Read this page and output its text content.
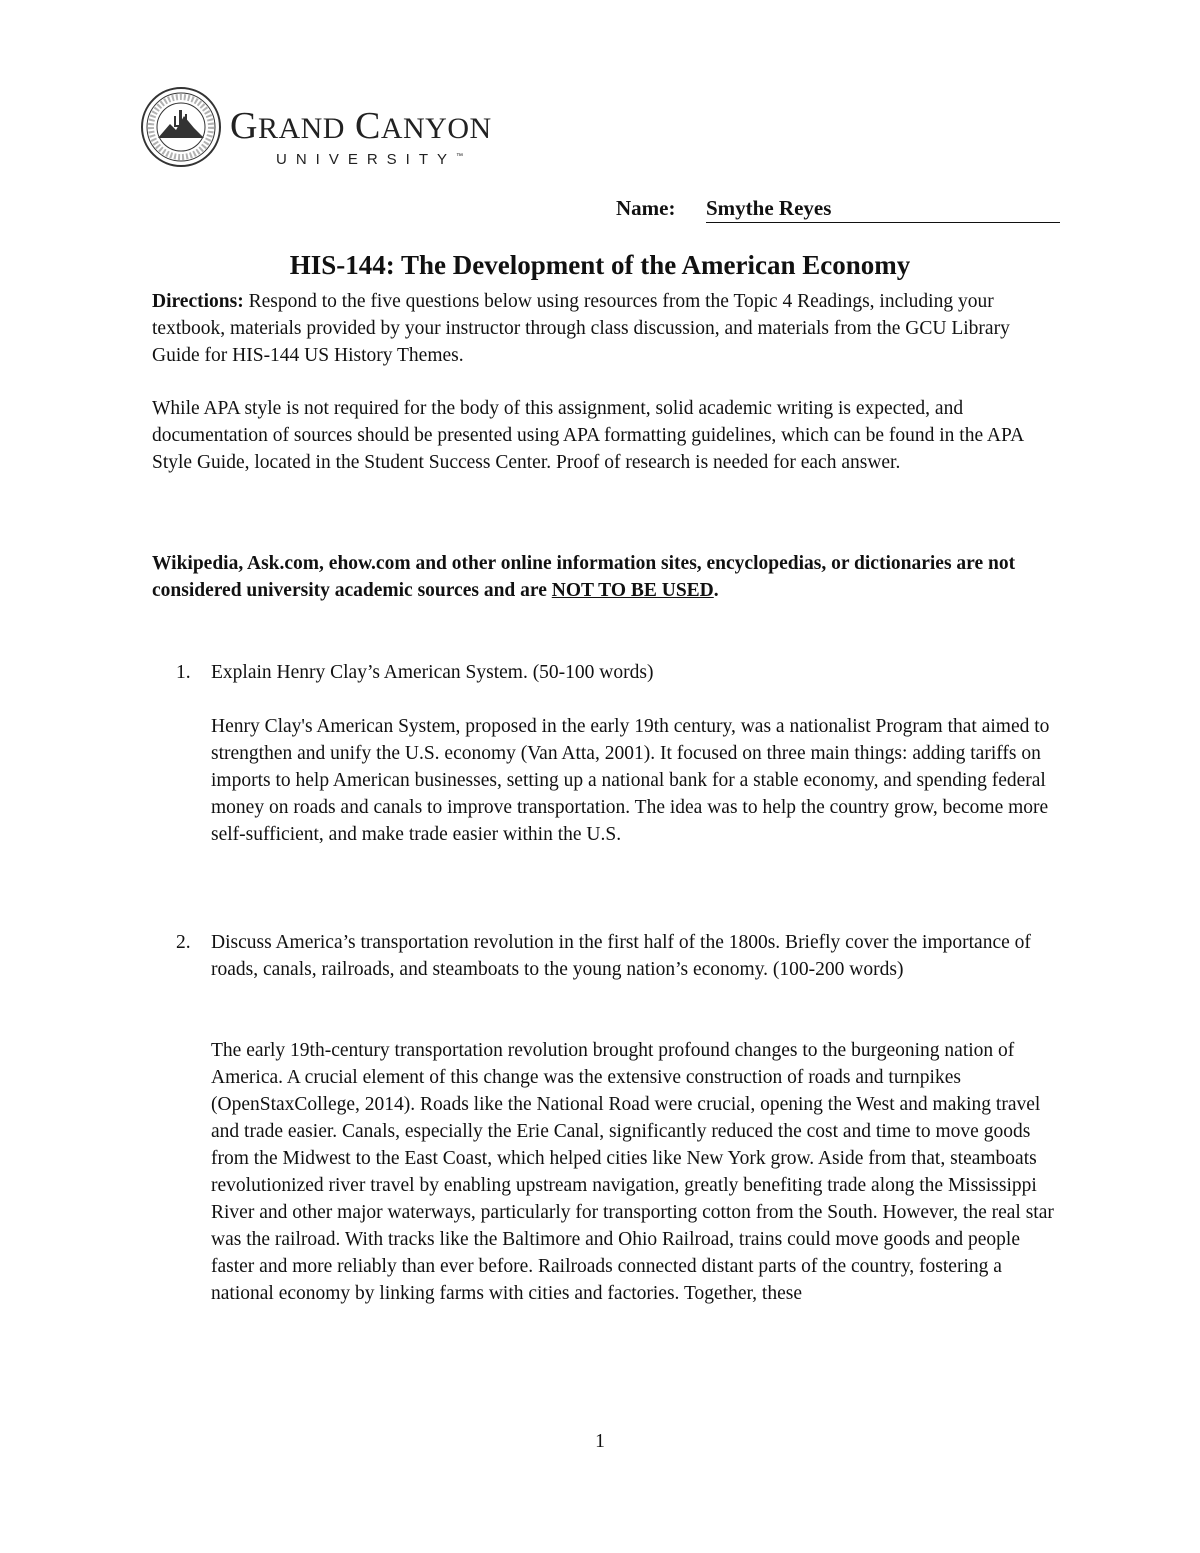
GRAND CANYON
UNIVERSITY™
Name: Smythe Reyes
HIS-144: The Development of the American Economy
Directions: Respond to the five questions below using resources from the Topic 4 Readings, including your textbook, materials provided by your instructor through class discussion, and materials from the GCU Library Guide for HIS-144 US History Themes.
While APA style is not required for the body of this assignment, solid academic writing is expected, and documentation of sources should be presented using APA formatting guidelines, which can be found in the APA Style Guide, located in the Student Success Center. Proof of research is needed for each answer.
Wikipedia, Ask.com, ehow.com and other online information sites, encyclopedias, or dictionaries are not considered university academic sources and are NOT TO BE USED.
1. Explain Henry Clay’s American System. (50-100 words)
Henry Clay's American System, proposed in the early 19th century, was a nationalist Program that aimed to strengthen and unify the U.S. economy (Van Atta, 2001). It focused on three main things: adding tariffs on imports to help American businesses, setting up a national bank for a stable economy, and spending federal money on roads and canals to improve transportation. The idea was to help the country grow, become more self-sufficient, and make trade easier within the U.S.
2. Discuss America’s transportation revolution in the first half of the 1800s. Briefly cover the importance of roads, canals, railroads, and steamboats to the young nation’s economy. (100-200 words)
The early 19th-century transportation revolution brought profound changes to the burgeoning nation of America. A crucial element of this change was the extensive construction of roads and turnpikes (OpenStaxCollege, 2014). Roads like the National Road were crucial, opening the West and making travel and trade easier. Canals, especially the Erie Canal, significantly reduced the cost and time to move goods from the Midwest to the East Coast, which helped cities like New York grow. Aside from that, steamboats revolutionized river travel by enabling upstream navigation, greatly benefiting trade along the Mississippi River and other major waterways, particularly for transporting cotton from the South. However, the real star was the railroad. With tracks like the Baltimore and Ohio Railroad, trains could move goods and people faster and more reliably than ever before. Railroads connected distant parts of the country, fostering a national economy by linking farms with cities and factories. Together, these
1
